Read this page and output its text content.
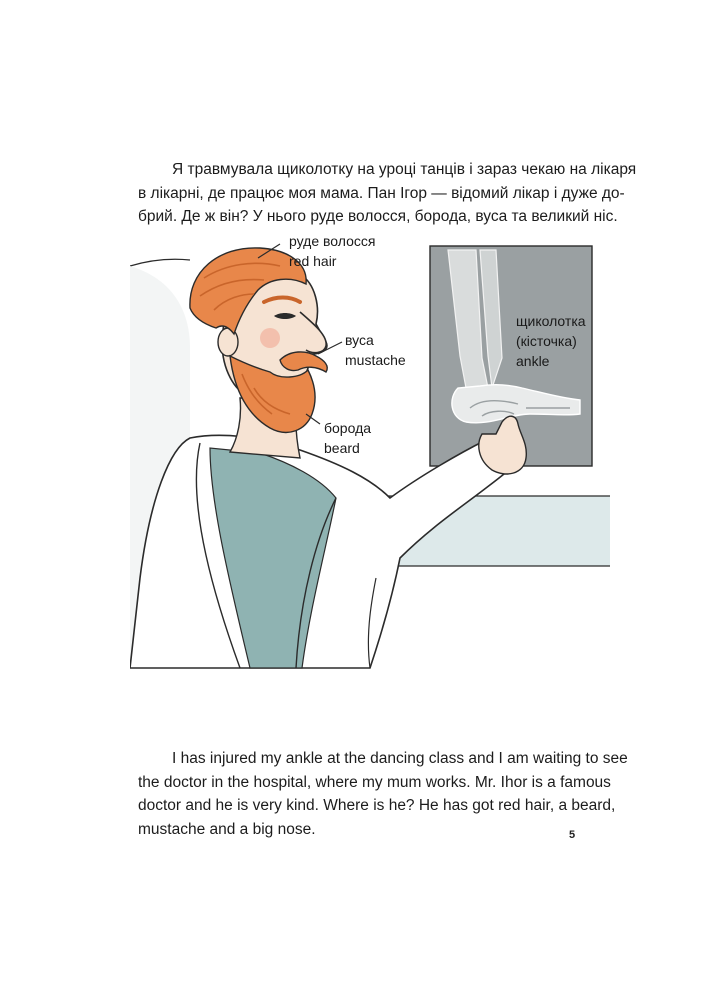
Я травмувала щиколотку на уроці танців і зараз чекаю на лікаря
в лікарні, де працює моя мама. Пан Ігор — відомий лікар і дуже до-
брий. Де ж він? У нього руде волосся, борода, вуса та великий ніс.

руде волосся
red hair
вуса
mustache
борода
beard
щиколотка
(кісточка)
ankle

I has injured my ankle at the dancing class and I am waiting to see
the doctor in the hospital, where my mum works. Mr. Ihor is a famous
doctor and he is very kind. Where is he? He has got red hair, a beard,
mustache and a big nose.	5
